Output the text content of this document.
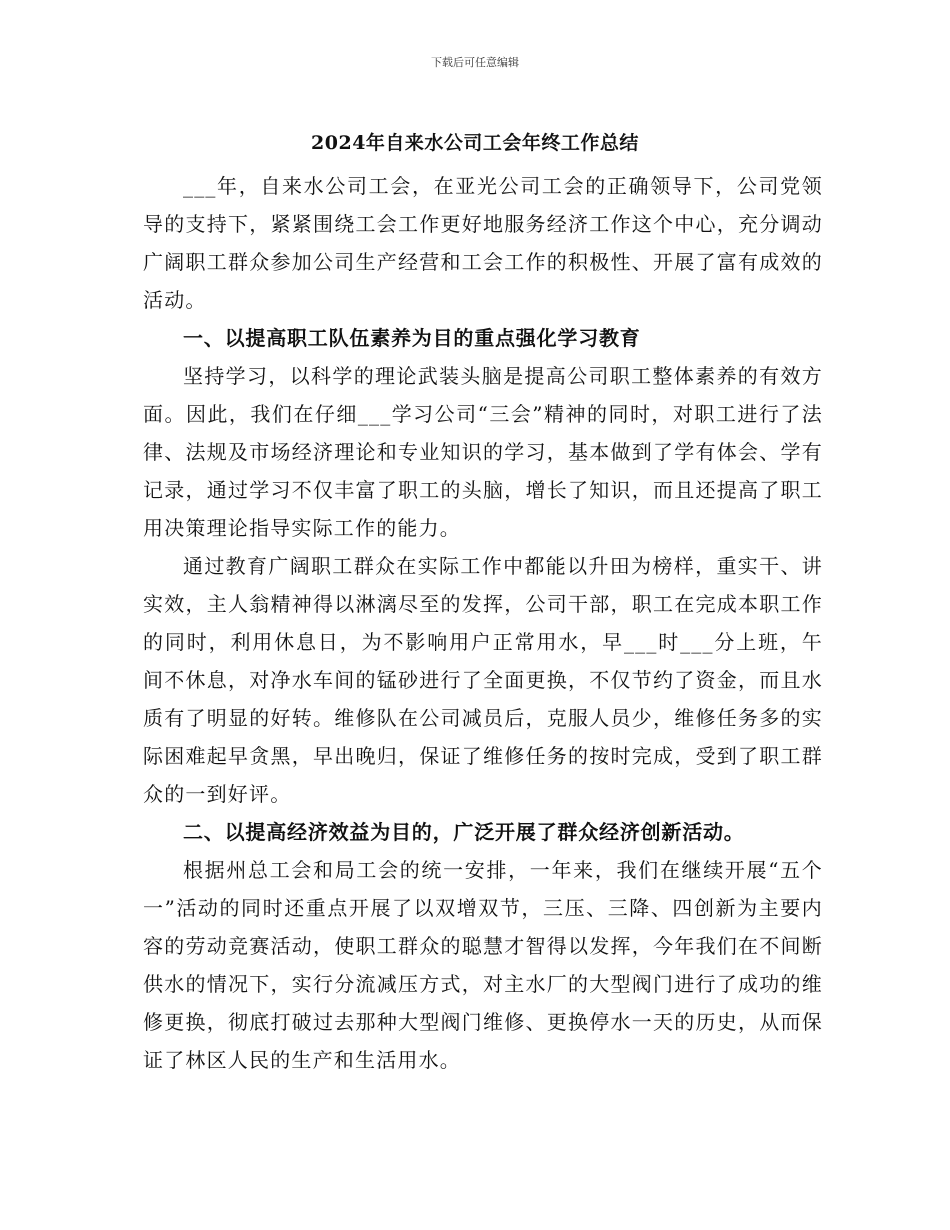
下载后可任意编辑
2024年自来水公司工会年终工作总结

___年，自来水公司工会，在亚光公司工会的正确领导下，公司党领导的支持下，紧紧围绕工会工作更好地服务经济工作这个中心，充分调动广阔职工群众参加公司生产经营和工会工作的积极性、开展了富有成效的活动。

一、以提高职工队伍素养为目的重点强化学习教育

坚持学习，以科学的理论武装头脑是提高公司职工整体素养的有效方面。因此，我们在仔细___学习公司“三会”精神的同时，对职工进行了法律、法规及市场经济理论和专业知识的学习，基本做到了学有体会、学有记录，通过学习不仅丰富了职工的头脑，增长了知识，而且还提高了职工用决策理论指导实际工作的能力。

通过教育广阔职工群众在实际工作中都能以升田为榜样，重实干、讲实效，主人翁精神得以淋漓尽至的发挥，公司干部，职工在完成本职工作的同时，利用休息日，为不影响用户正常用水，早___时___分上班，午间不休息，对净水车间的锰砂进行了全面更换，不仅节约了资金，而且水质有了明显的好转。维修队在公司减员后，克服人员少，维修任务多的实际困难起早贪黑，早出晚归，保证了维修任务的按时完成，受到了职工群众的一到好评。

二、以提高经济效益为目的，广泛开展了群众经济创新活动。

根据州总工会和局工会的统一安排，一年来，我们在继续开展“五个一”活动的同时还重点开展了以双增双节，三压、三降、四创新为主要内容的劳动竞赛活动，使职工群众的聪慧才智得以发挥，今年我们在不间断供水的情况下，实行分流减压方式，对主水厂的大型阀门进行了成功的维修更换，彻底打破过去那种大型阀门维修、更换停水一天的历史，从而保证了林区人民的生产和生活用水。
